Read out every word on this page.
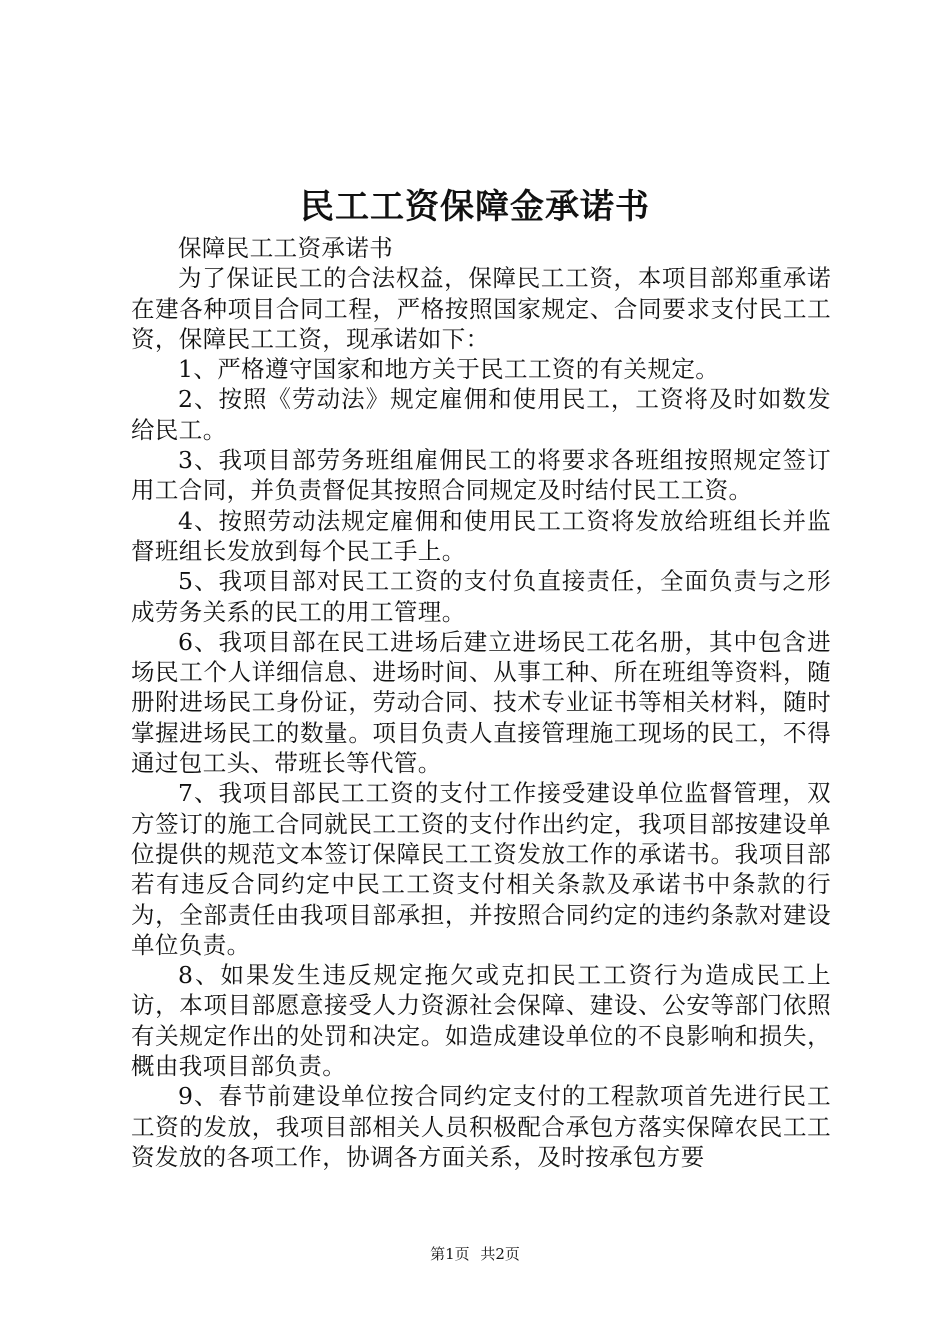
民工工资保障金承诺书

保障民工工资承诺书

为了保证民工的合法权益，保障民工工资，本项目部郑重承诺在建各种项目合同工程，严格按照国家规定、合同要求支付民工工资，保障民工工资，现承诺如下：

1、严格遵守国家和地方关于民工工资的有关规定。

2、按照《劳动法》规定雇佣和使用民工，工资将及时如数发给民工。

3、我项目部劳务班组雇佣民工的将要求各班组按照规定签订用工合同，并负责督促其按照合同规定及时结付民工工资。

4、按照劳动法规定雇佣和使用民工工资将发放给班组长并监督班组长发放到每个民工手上。

5、我项目部对民工工资的支付负直接责任，全面负责与之形成劳务关系的民工的用工管理。

6、我项目部在民工进场后建立进场民工花名册，其中包含进场民工个人详细信息、进场时间、从事工种、所在班组等资料，随册附进场民工身份证，劳动合同、技术专业证书等相关材料，随时掌握进场民工的数量。项目负责人直接管理施工现场的民工，不得通过包工头、带班长等代管。

7、我项目部民工工资的支付工作接受建设单位监督管理，双方签订的施工合同就民工工资的支付作出约定，我项目部按建设单位提供的规范文本签订保障民工工资发放工作的承诺书。我项目部若有违反合同约定中民工工资支付相关条款及承诺书中条款的行为，全部责任由我项目部承担，并按照合同约定的违约条款对建设单位负责。

8、如果发生违反规定拖欠或克扣民工工资行为造成民工上访，本项目部愿意接受人力资源社会保障、建设、公安等部门依照有关规定作出的处罚和决定。如造成建设单位的不良影响和损失，概由我项目部负责。

9、春节前建设单位按合同约定支付的工程款项首先进行民工工资的发放，我项目部相关人员积极配合承包方落实保障农民工工资发放的各项工作，协调各方面关系，及时按承包方要

第1页 共2页
